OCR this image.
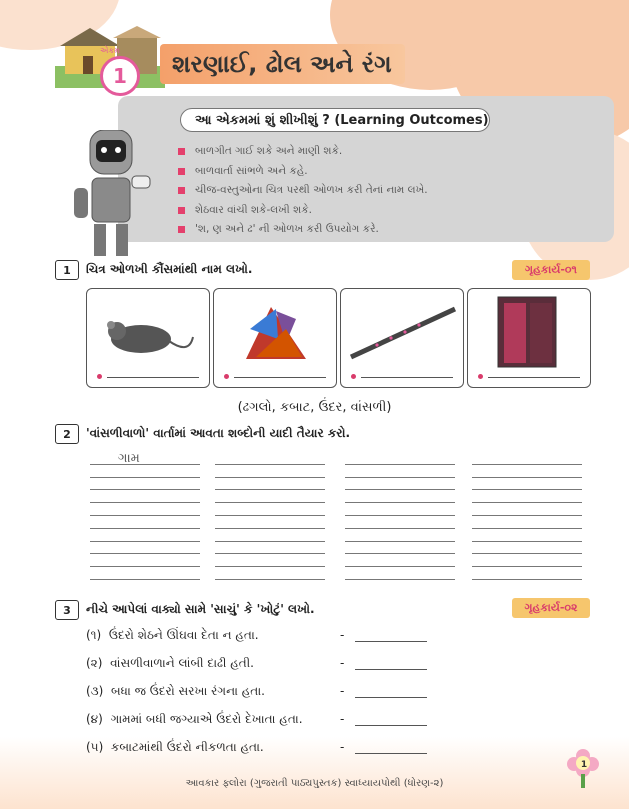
એકમ
1	શરણાઈ, ઢોલ અને રંગ
આ એકમમાં શું શીખીશું ? (Learning Outcomes)
બાળગીત ગાઈ શકે અને માણી શકે.
બાળવાર્તા સાંભળે અને કહે.
ચીજ-વસ્તુઓના ચિત્ર પરથી ઓળખ કરી તેનાં નામ લખે.
શેઠવાર વાંચી શકે-લખી શકે.
'શ, ણ અને ઢ' ની ઓળખ કરી ઉપયોગ કરે.
1	ચિત્ર ઓળખી કૌંસમાંથી નામ લખો.	ગૃહકાર્ય-૦૧
(ઢગલો, કબાટ, ઉંદર, વાંસળી)
2	'વાંસળીવાળો' વાર્તામાં આવતા શબ્દોની યાદી તૈયાર કરો.
ગામ
3	નીચે આપેલાં વાક્યો સામે 'સાચું' કે 'ખોટું' લખો.	ગૃહકાર્ય-૦૨
(૧) ઉંદરો શેઠને ઊંઘવા દેતા ન હતા.	-
(૨) વાંસળીવાળાને લાંબી દાઢી હતી.	-
(૩) બધા જ ઉંદરો સરખા રંગના હતા.	-
(૪) ગામમાં બધી જગ્યાએ ઉંદરો દેખાતા હતા.	-
(૫) કબાટમાંથી ઉંદરો નીકળતા હતા.	-
આવકાર ફ્લોરા (ગુજરાતી પાઠ્યપુસ્તક) સ્વાધ્યાયપોથી (ધોરણ-૨)
1
